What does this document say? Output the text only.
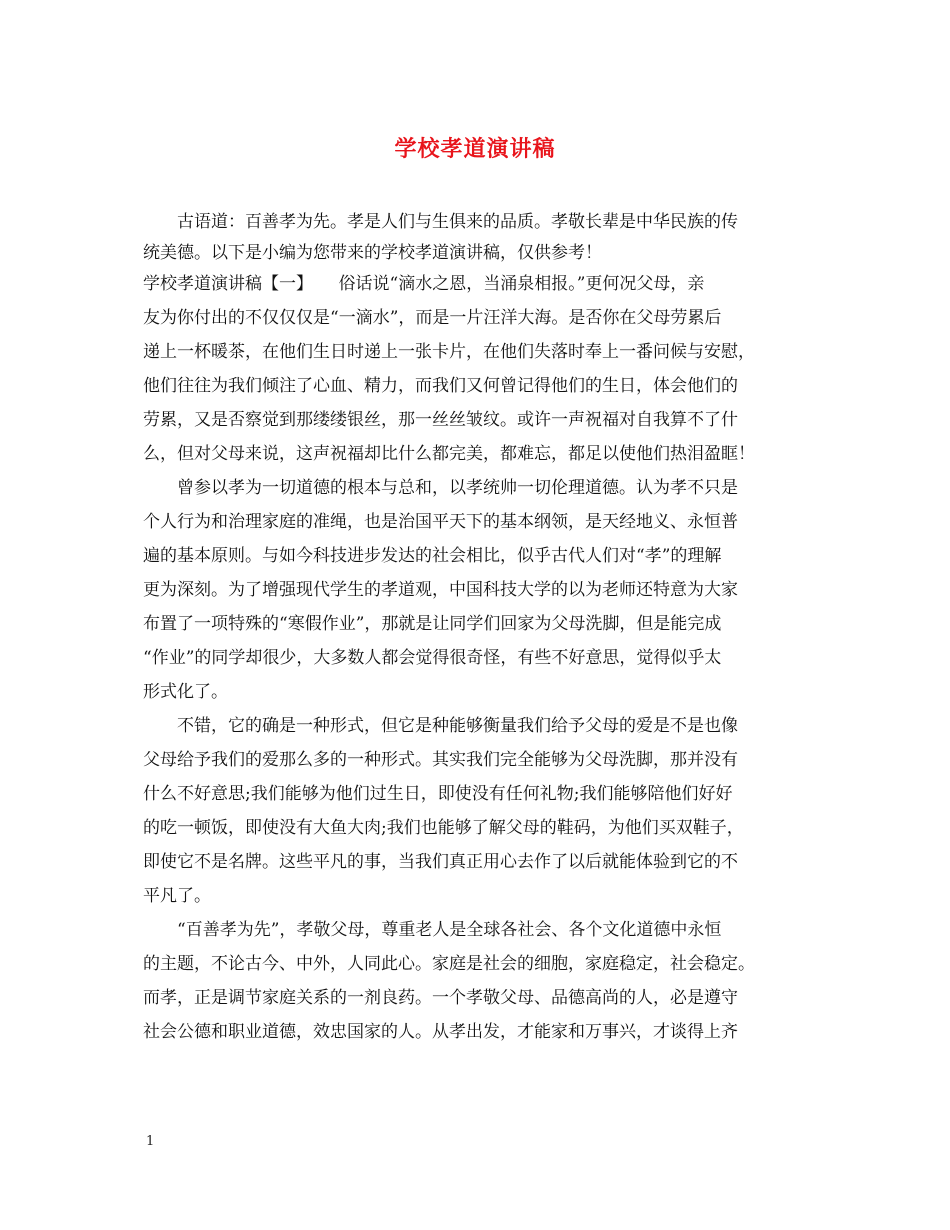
学校孝道演讲稿
　　古语道：百善孝为先。孝是人们与生俱来的品质。孝敬长辈是中华民族的传
统美德。以下是小编为您带来的学校孝道演讲稿，仅供参考！
学校孝道演讲稿【一】　　俗话说“滴水之恩，当涌泉相报。”更何况父母，亲
友为你付出的不仅仅仅是“一滴水”，而是一片汪洋大海。是否你在父母劳累后
递上一杯暖茶，在他们生日时递上一张卡片，在他们失落时奉上一番问候与安慰，
他们往往为我们倾注了心血、精力，而我们又何曾记得他们的生日，体会他们的
劳累，又是否察觉到那缕缕银丝，那一丝丝皱纹。或许一声祝福对自我算不了什
么，但对父母来说，这声祝福却比什么都完美，都难忘，都足以使他们热泪盈眶！
　　曾参以孝为一切道德的根本与总和，以孝统帅一切伦理道德。认为孝不只是
个人行为和治理家庭的准绳，也是治国平天下的基本纲领，是天经地义、永恒普
遍的基本原则。与如今科技进步发达的社会相比，似乎古代人们对“孝”的理解
更为深刻。为了增强现代学生的孝道观，中国科技大学的以为老师还特意为大家
布置了一项特殊的“寒假作业”，那就是让同学们回家为父母洗脚，但是能完成
“作业”的同学却很少，大多数人都会觉得很奇怪，有些不好意思，觉得似乎太
形式化了。
　　不错，它的确是一种形式，但它是种能够衡量我们给予父母的爱是不是也像
父母给予我们的爱那么多的一种形式。其实我们完全能够为父母洗脚，那并没有
什么不好意思;我们能够为他们过生日，即使没有任何礼物;我们能够陪他们好好
的吃一顿饭，即使没有大鱼大肉;我们也能够了解父母的鞋码，为他们买双鞋子，
即使它不是名牌。这些平凡的事，当我们真正用心去作了以后就能体验到它的不
平凡了。
　　“百善孝为先”，孝敬父母，尊重老人是全球各社会、各个文化道德中永恒
的主题，不论古今、中外，人同此心。家庭是社会的细胞，家庭稳定，社会稳定。
而孝，正是调节家庭关系的一剂良药。一个孝敬父母、品德高尚的人，必是遵守
社会公德和职业道德，效忠国家的人。从孝出发，才能家和万事兴，才谈得上齐
1
